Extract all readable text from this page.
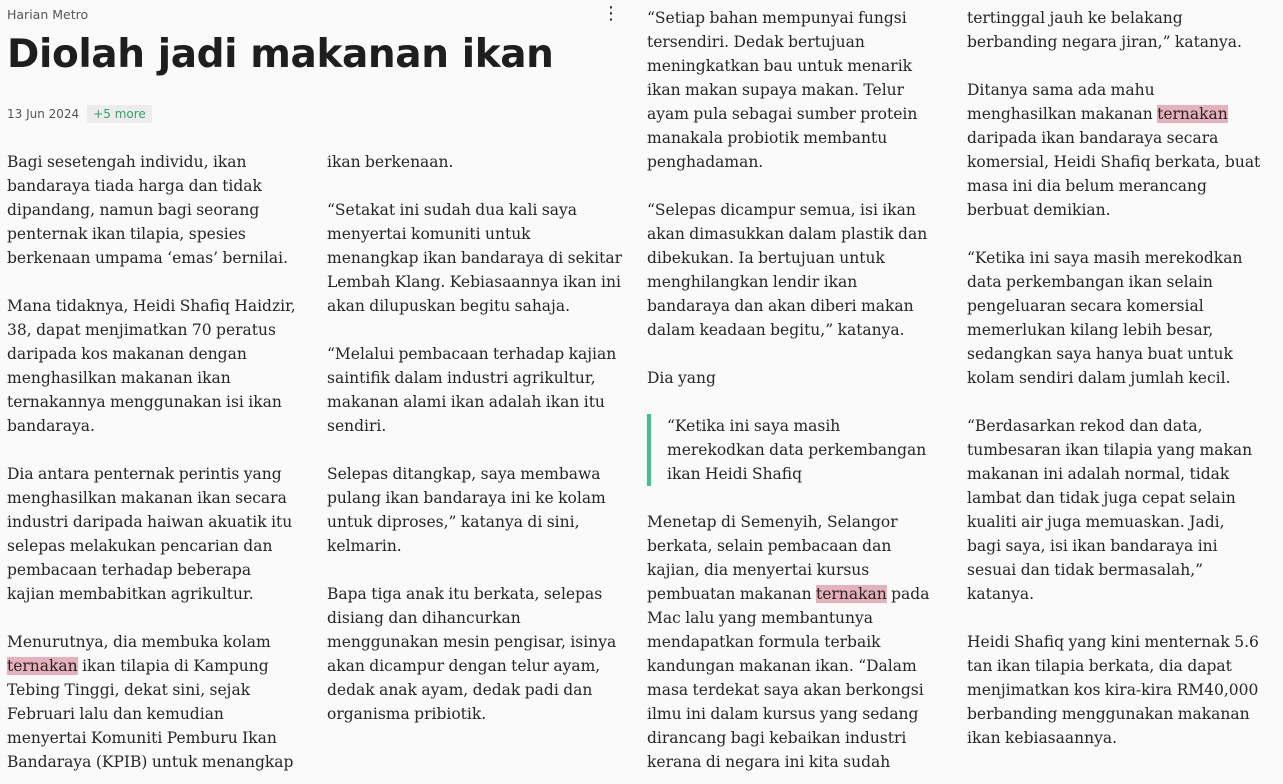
Harian Metro	⋮
Diolah jadi makanan ikan
13 Jun 2024	+5 more

Bagi sesetengah individu, ikan bandaraya tiada harga dan tidak dipandang, namun bagi seorang penternak ikan tilapia, spesies berkenaan umpama ‘emas’ bernilai.

Mana tidaknya, Heidi Shafiq Haidzir, 38, dapat menjimatkan 70 peratus daripada kos makanan dengan menghasilkan makanan ikan ternakannya menggunakan isi ikan bandaraya.

Dia antara penternak perintis yang menghasilkan makanan ikan secara industri daripada haiwan akuatik itu selepas melakukan pencarian dan pembacaan terhadap beberapa kajian membabitkan agrikultur.

Menurutnya, dia membuka kolam ternakan ikan tilapia di Kampung Tebing Tinggi, dekat sini, sejak Februari lalu dan kemudian menyertai Komuniti Pemburu Ikan Bandaraya (KPIB) untuk menangkap

ikan berkenaan.

“Setakat ini sudah dua kali saya menyertai komuniti untuk menangkap ikan bandaraya di sekitar Lembah Klang. Kebiasaannya ikan ini akan dilupuskan begitu sahaja.

“Melalui pembacaan terhadap kajian saintifik dalam industri agrikultur, makanan alami ikan adalah ikan itu sendiri.

Selepas ditangkap, saya membawa pulang ikan bandaraya ini ke kolam untuk diproses,” katanya di sini, kelmarin.

Bapa tiga anak itu berkata, selepas disiang dan dihancurkan menggunakan mesin pengisar, isinya akan dicampur dengan telur ayam, dedak anak ayam, dedak padi dan organisma pribiotik.

“Setiap bahan mempunyai fungsi tersendiri. Dedak bertujuan meningkatkan bau untuk menarik ikan makan supaya makan. Telur ayam pula sebagai sumber protein manakala probiotik membantu penghadaman.

“Selepas dicampur semua, isi ikan akan dimasukkan dalam plastik dan dibekukan. Ia bertujuan untuk menghilangkan lendir ikan bandaraya dan akan diberi makan dalam keadaan begitu,” katanya.

Dia yang

“Ketika ini saya masih merekodkan data perkembangan ikan Heidi Shafiq

Menetap di Semenyih, Selangor berkata, selain pembacaan dan kajian, dia menyertai kursus pembuatan makanan ternakan pada Mac lalu yang membantunya mendapatkan formula terbaik kandungan makanan ikan. “Dalam masa terdekat saya akan berkongsi ilmu ini dalam kursus yang sedang dirancang bagi kebaikan industri kerana di negara ini kita sudah

tertinggal jauh ke belakang berbanding negara jiran,” katanya.

Ditanya sama ada mahu menghasilkan makanan ternakan daripada ikan bandaraya secara komersial, Heidi Shafiq berkata, buat masa ini dia belum merancang berbuat demikian.

“Ketika ini saya masih merekodkan data perkembangan ikan selain pengeluaran secara komersial memerlukan kilang lebih besar, sedangkan saya hanya buat untuk kolam sendiri dalam jumlah kecil.

“Berdasarkan rekod dan data, tumbesaran ikan tilapia yang makan makanan ini adalah normal, tidak lambat dan tidak juga cepat selain kualiti air juga memuaskan. Jadi, bagi saya, isi ikan bandaraya ini sesuai dan tidak bermasalah,” katanya.

Heidi Shafiq yang kini menternak 5.6 tan ikan tilapia berkata, dia dapat menjimatkan kos kira-kira RM40,000 berbanding menggunakan makanan ikan kebiasaannya.
